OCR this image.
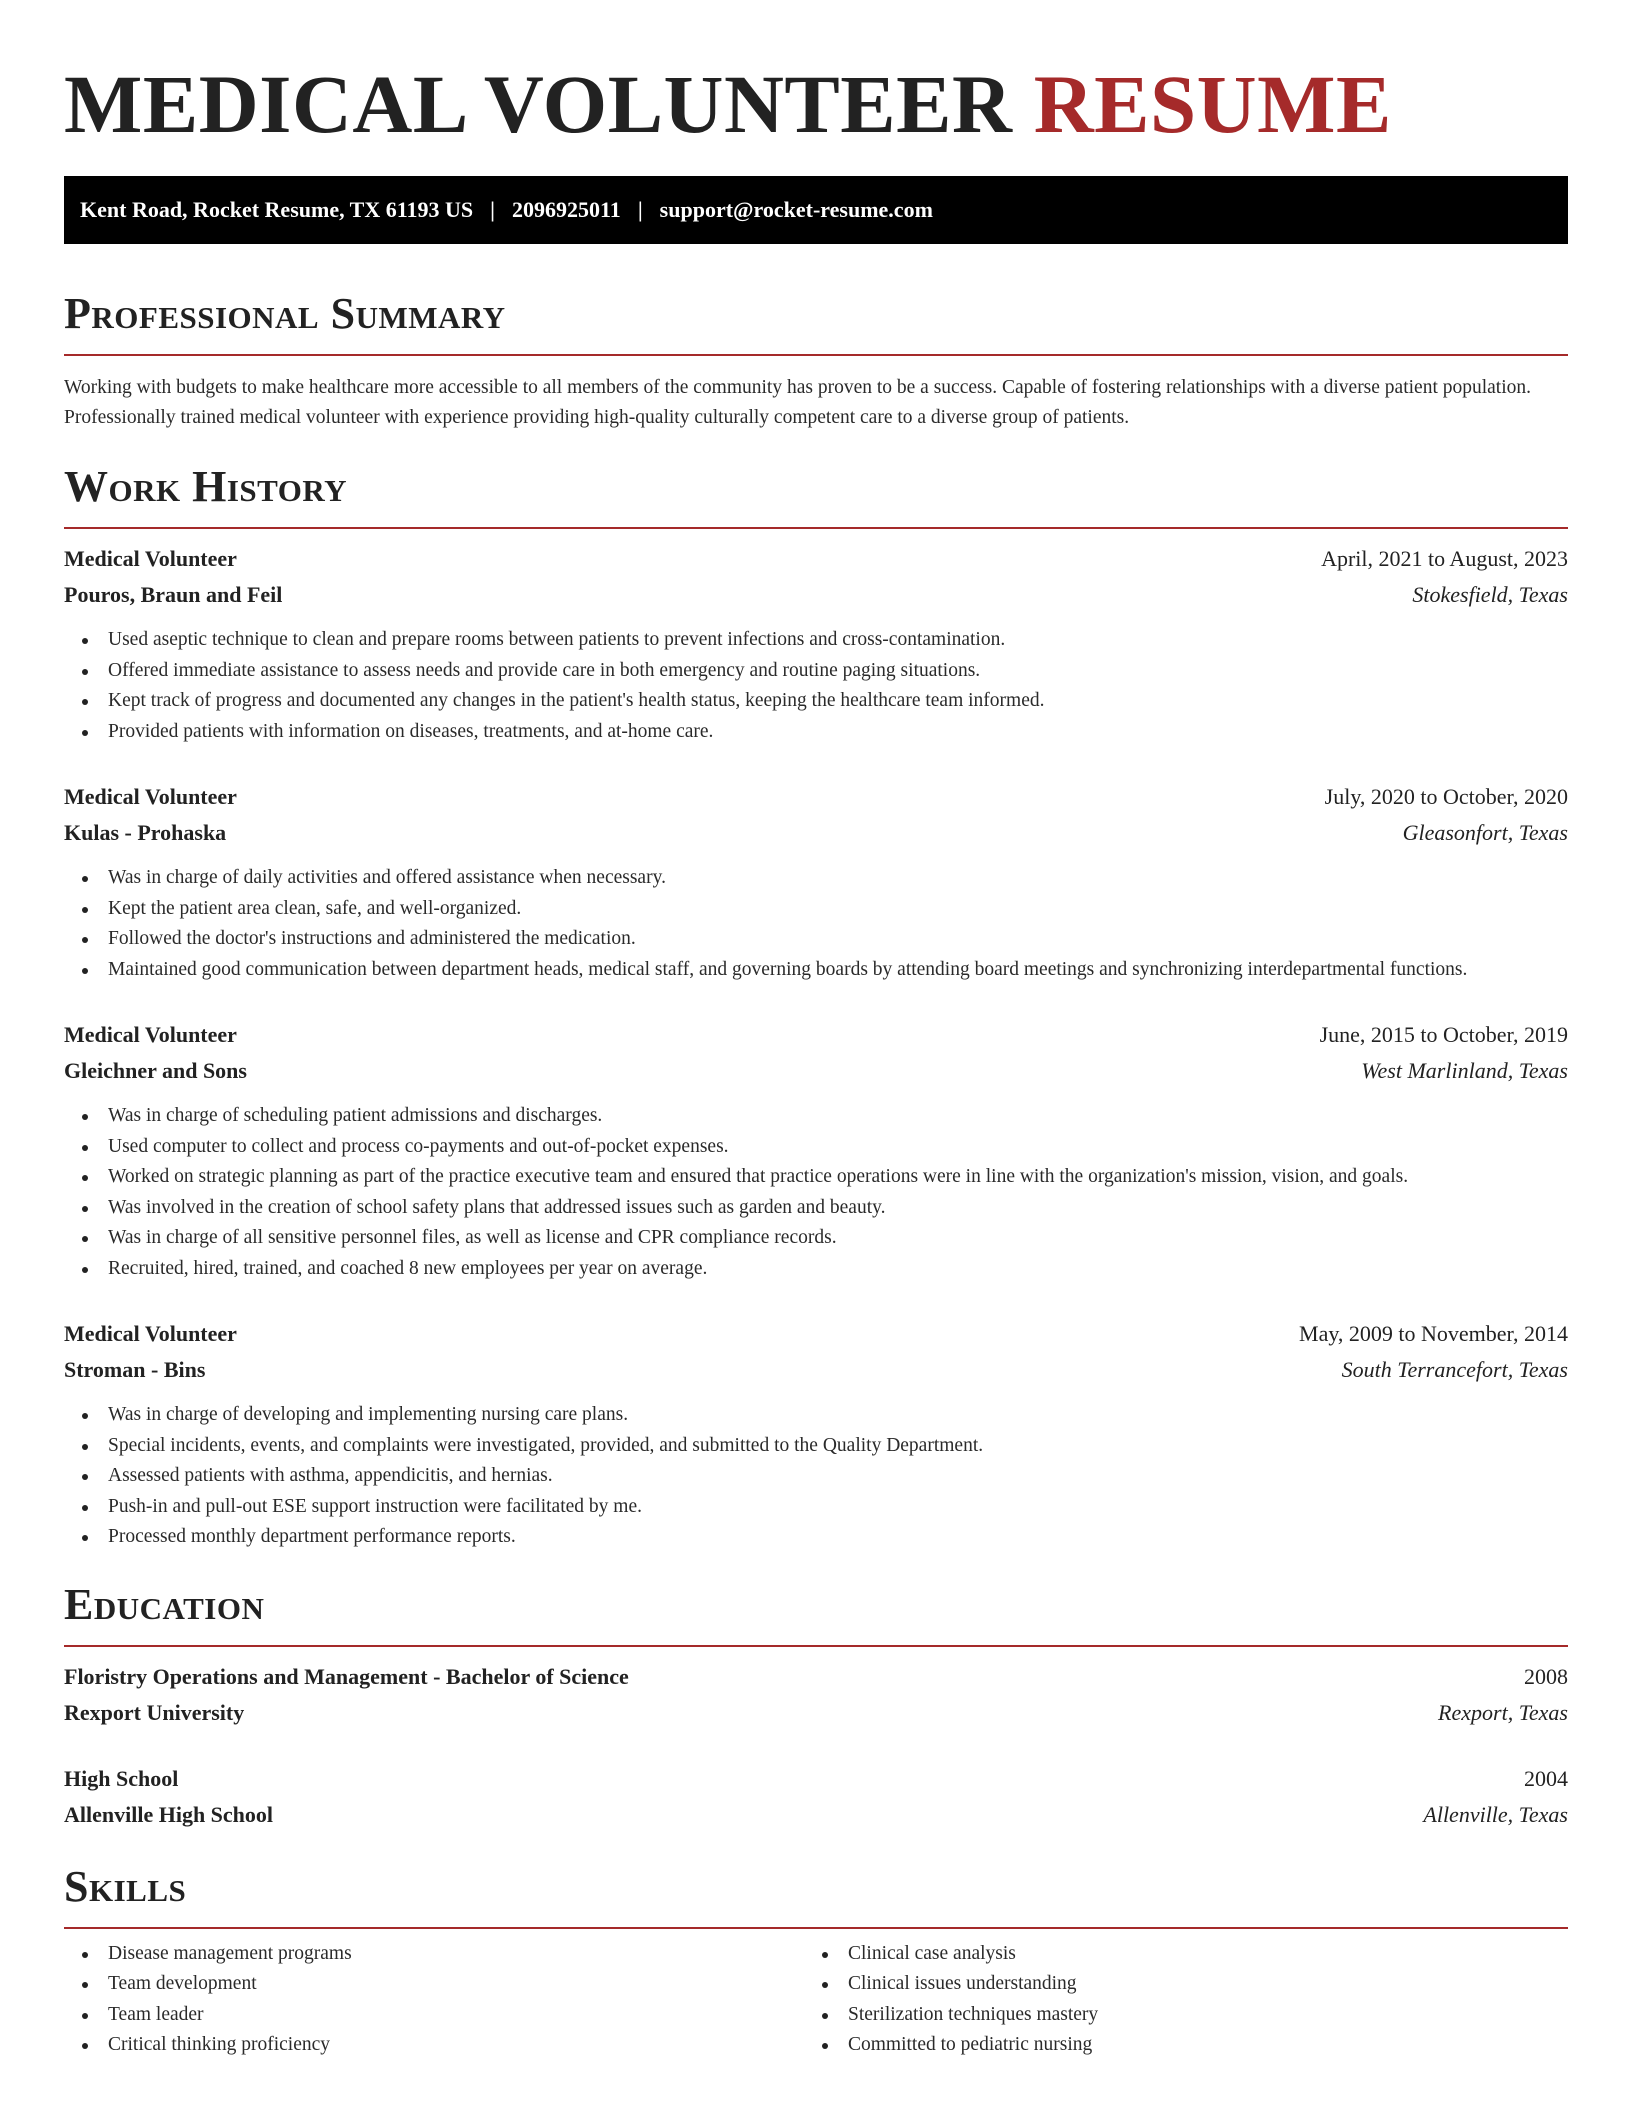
MEDICAL VOLUNTEER RESUME
Kent Road, Rocket Resume, TX 61193 US | 2096925011 | support@rocket-resume.com
Professional Summary

Working with budgets to make healthcare more accessible to all members of the community has proven to be a success. Capable of fostering relationships with a diverse patient population. Professionally trained medical volunteer with experience providing high-quality culturally competent care to a diverse group of patients.

Work History
Medical Volunteer	April, 2021 to August, 2023
Pouros, Braun and Feil	Stokesfield, Texas
Used aseptic technique to clean and prepare rooms between patients to prevent infections and cross-contamination.
Offered immediate assistance to assess needs and provide care in both emergency and routine paging situations.
Kept track of progress and documented any changes in the patient's health status, keeping the healthcare team informed.
Provided patients with information on diseases, treatments, and at-home care.
Medical Volunteer	July, 2020 to October, 2020
Kulas - Prohaska	Gleasonfort, Texas
Was in charge of daily activities and offered assistance when necessary.
Kept the patient area clean, safe, and well-organized.
Followed the doctor's instructions and administered the medication.
Maintained good communication between department heads, medical staff, and governing boards by attending board meetings and synchronizing interdepartmental functions.
Medical Volunteer	June, 2015 to October, 2019
Gleichner and Sons	West Marlinland, Texas
Was in charge of scheduling patient admissions and discharges.
Used computer to collect and process co-payments and out-of-pocket expenses.
Worked on strategic planning as part of the practice executive team and ensured that practice operations were in line with the organization's mission, vision, and goals.
Was involved in the creation of school safety plans that addressed issues such as garden and beauty.
Was in charge of all sensitive personnel files, as well as license and CPR compliance records.
Recruited, hired, trained, and coached 8 new employees per year on average.
Medical Volunteer	May, 2009 to November, 2014
Stroman - Bins	South Terrancefort, Texas
Was in charge of developing and implementing nursing care plans.
Special incidents, events, and complaints were investigated, provided, and submitted to the Quality Department.
Assessed patients with asthma, appendicitis, and hernias.
Push-in and pull-out ESE support instruction were facilitated by me.
Processed monthly department performance reports.
Education
Floristry Operations and Management - Bachelor of Science	2008
Rexport University	Rexport, Texas
High School	2004
Allenville High School	Allenville, Texas
Skills
Disease management programs
Team development
Team leader
Critical thinking proficiency
Clinical case analysis
Clinical issues understanding
Sterilization techniques mastery
Committed to pediatric nursing
